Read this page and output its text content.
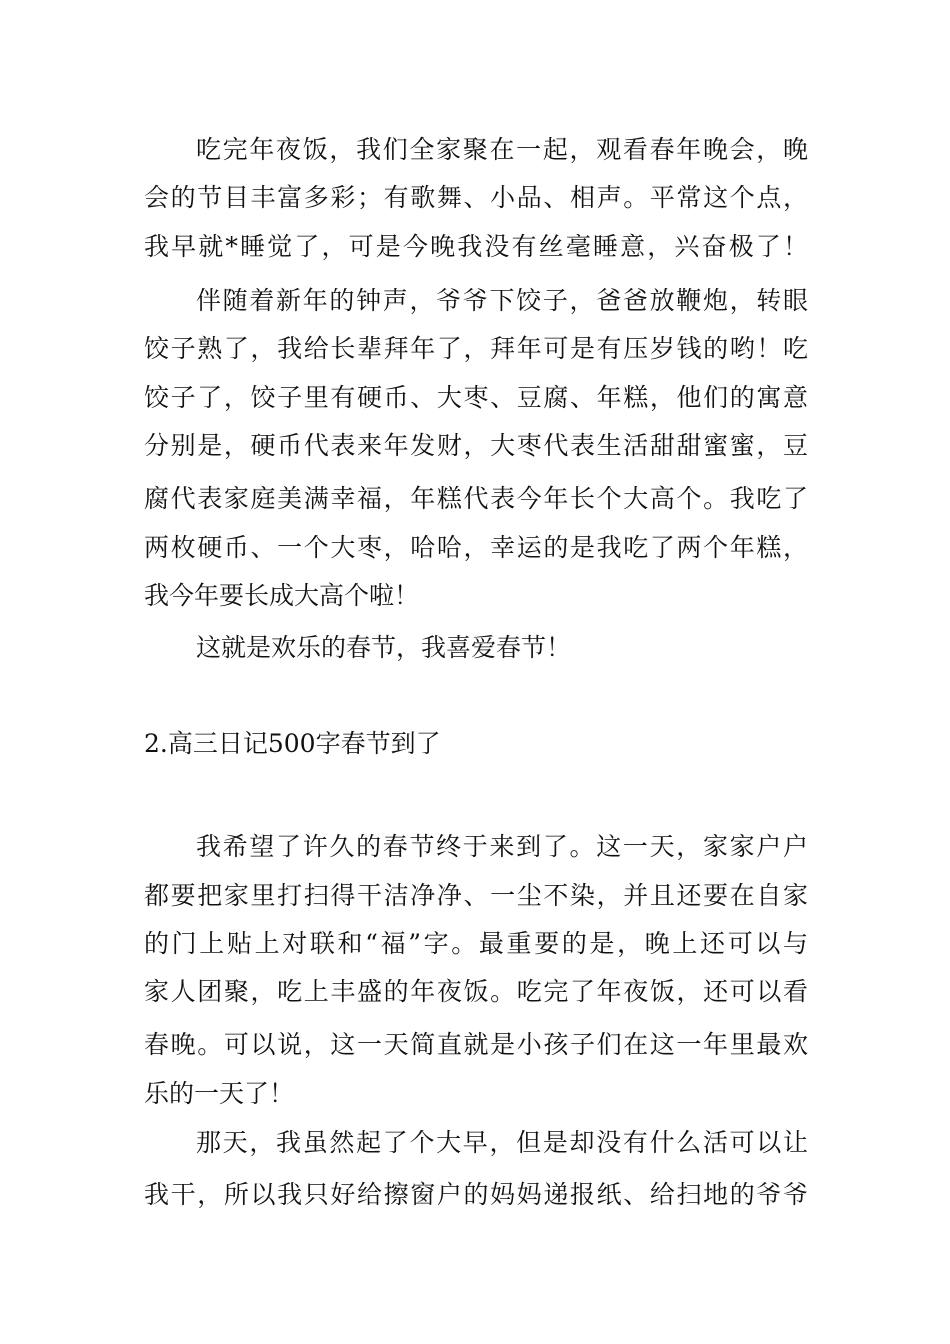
吃完年夜饭，我们全家聚在一起，观看春年晚会，晚
会的节目丰富多彩；有歌舞、小品、相声。平常这个点，
我早就*睡觉了，可是今晚我没有丝毫睡意，兴奋极了！
伴随着新年的钟声，爷爷下饺子，爸爸放鞭炮，转眼
饺子熟了，我给长辈拜年了，拜年可是有压岁钱的哟！吃
饺子了，饺子里有硬币、大枣、豆腐、年糕，他们的寓意
分别是，硬币代表来年发财，大枣代表生活甜甜蜜蜜，豆
腐代表家庭美满幸福，年糕代表今年长个大高个。我吃了
两枚硬币、一个大枣，哈哈，幸运的是我吃了两个年糕，
我今年要长成大高个啦！
这就是欢乐的春节，我喜爱春节！
2.高三日记500字春节到了
我希望了许久的春节终于来到了。这一天，家家户户
都要把家里打扫得干洁净净、一尘不染，并且还要在自家
的门上贴上对联和“福”字。最重要的是，晚上还可以与
家人团聚，吃上丰盛的年夜饭。吃完了年夜饭，还可以看
春晚。可以说，这一天简直就是小孩子们在这一年里最欢
乐的一天了！
那天，我虽然起了个大早，但是却没有什么活可以让
我干，所以我只好给擦窗户的妈妈递报纸、给扫地的爷爷
